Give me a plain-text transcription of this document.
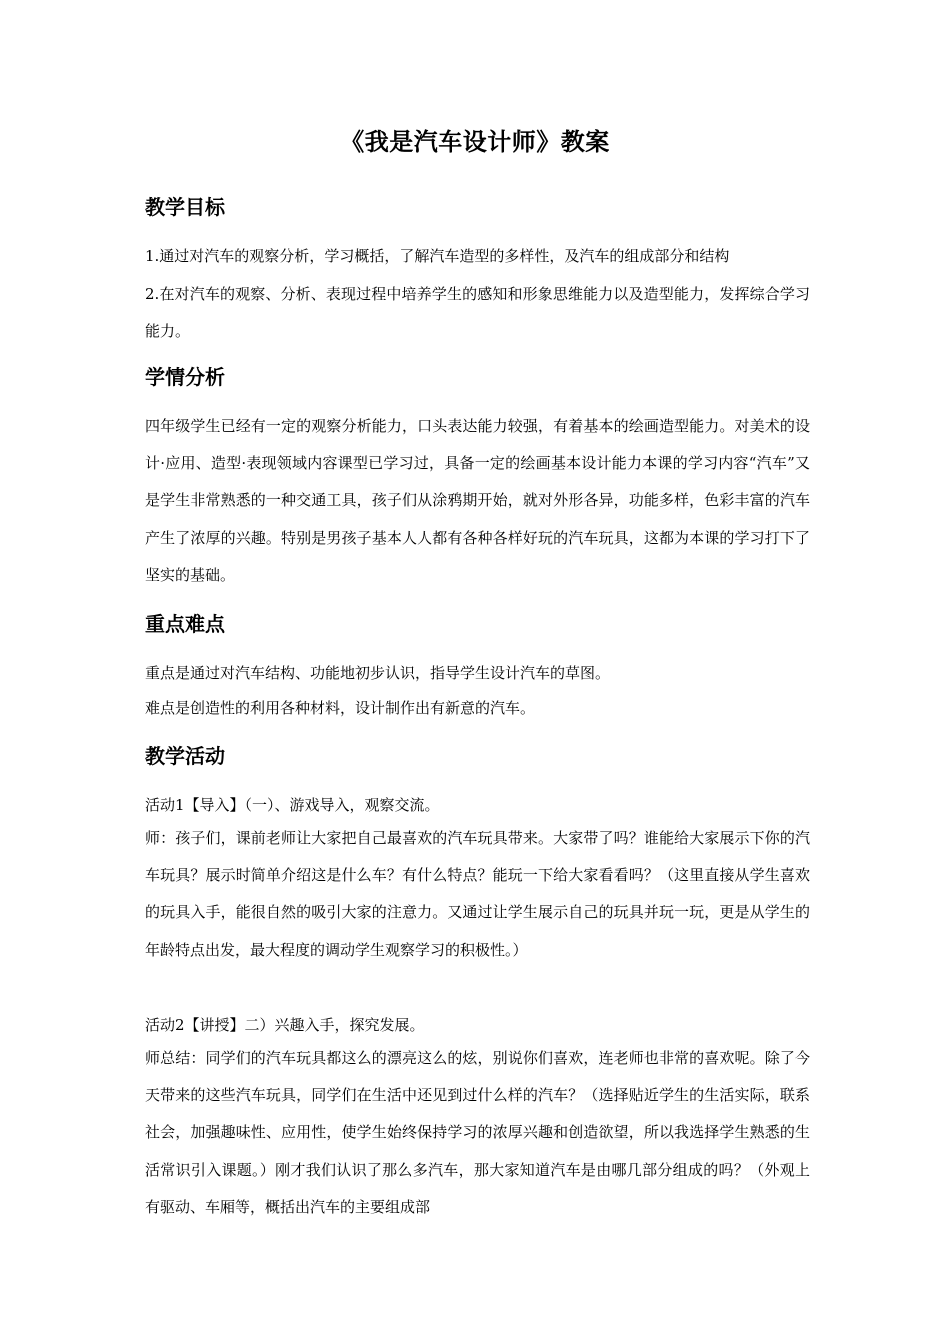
《我是汽车设计师》教案
教学目标
1.通过对汽车的观察分析，学习概括，了解汽车造型的多样性，及汽车的组成部分和结构
2.在对汽车的观察、分析、表现过程中培养学生的感知和形象思维能力以及造型能力，发挥综合学习能力。
学情分析
四年级学生已经有一定的观察分析能力，口头表达能力较强，有着基本的绘画造型能力。对美术的设计·应用、造型·表现领域内容课型已学习过，具备一定的绘画基本设计能力本课的学习内容“汽车”又是学生非常熟悉的一种交通工具，孩子们从涂鸦期开始，就对外形各异，功能多样，色彩丰富的汽车产生了浓厚的兴趣。特别是男孩子基本人人都有各种各样好玩的汽车玩具，这都为本课的学习打下了坚实的基础。
重点难点
重点是通过对汽车结构、功能地初步认识，指导学生设计汽车的草图。
难点是创造性的利用各种材料，设计制作出有新意的汽车。
教学活动
活动1【导入】（一）、游戏导入，观察交流。
师：孩子们，课前老师让大家把自己最喜欢的汽车玩具带来。大家带了吗？谁能给大家展示下你的汽车玩具？展示时简单介绍这是什么车？有什么特点？能玩一下给大家看看吗？（这里直接从学生喜欢的玩具入手，能很自然的吸引大家的注意力。又通过让学生展示自己的玩具并玩一玩，更是从学生的年龄特点出发，最大程度的调动学生观察学习的积极性。）
活动2【讲授】二）兴趣入手，探究发展。
师总结：同学们的汽车玩具都这么的漂亮这么的炫，别说你们喜欢，连老师也非常的喜欢呢。除了今天带来的这些汽车玩具，同学们在生活中还见到过什么样的汽车？（选择贴近学生的生活实际，联系社会，加强趣味性、应用性，使学生始终保持学习的浓厚兴趣和创造欲望，所以我选择学生熟悉的生活常识引入课题。）刚才我们认识了那么多汽车，那大家知道汽车是由哪几部分组成的吗？（外观上有驱动、车厢等，概括出汽车的主要组成部
